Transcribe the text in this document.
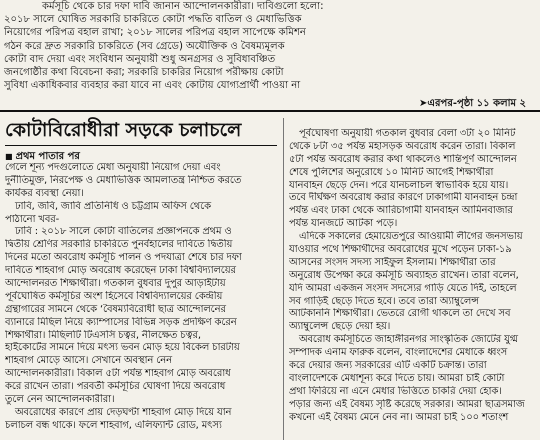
কর্মসূচি থেকে চার দফা দাবি জানান আন্দোলনকারীরা। দাবিগুলো হলো:
২০১৮ সালে ঘোষিত সরকারি চাকরিতে কোটা পদ্ধতি বাতিল ও মেধাভিত্তিক
নিয়োগের পরিপত্র বহাল রাখা; ২০১৮ সালের পরিপত্র বহাল সাপেক্ষে কমিশন
গঠন করে দ্রুত সরকারি চাকরিতে (সব গ্রেডে) অযৌক্তিক ও বৈষম্যমূলক
কোটা বাদ দেয়া এবং সংবিধান অনুযায়ী শুধু অনগ্রসর ও সুবিধাবঞ্চিত
জনগোষ্ঠীর কথা বিবেচনা করা; সরকারি চাকরির নিয়োগ পরীক্ষায় কোটা
সুবিধা একাধিকবার ব্যবহার করা যাবে না এবং কোটায় যোগ্যপ্রার্থী পাওয়া না
➤এরপর-পৃষ্ঠা ১১ কলাম ২
কোটাবিরোধীরা সড়কে চলাচলে
■ প্রথম পাতার পর
গেলে শূন্য পদগুলোতে মেধা অনুযায়ী নিয়োগ দেয়া এবং
দুর্নীতিমুক্ত, নিরপেক্ষ ও মেধাভিত্তিক আমলাতন্ত্র নিশ্চিত করতে
কার্যকর ব্যবস্থা নেয়া।
ঢাবি, জবি, জাবি প্রতিনিধি ও চট্টগ্রাম অফিস থেকে
পাঠানো খবর-
ঢাবি : ২০১৮ সালে কোটা বাতিলের প্রজ্ঞাপনকে প্রথম ও
দ্বিতীয় শ্রেণির সরকারি চাকরিতে পুনর্বহালের দাবিতে দ্বিতীয়
দিনের মতো অবরোধ কর্মসূচি পালন ও পদযাত্রা শেষে চার দফা
দাবিতে শাহবাগ মোড় অবরোধ করেছেন ঢাকা বিশ্ববিদ্যালয়ের
আন্দোলনরত শিক্ষার্থীরা। গতকাল বুধবার দুপুর আড়াইটায়
পূর্বঘোষিত কর্মসূচির অংশ হিসেবে বিশ্ববিদ্যালয়ের কেন্দ্রীয়
গ্রন্থাগারের সামনে থেকে ‘বৈষম্যবিরোধী ছাত্র আন্দোলনের
ব্যানারে মিছিল নিয়ে ক্যাম্পাসের বিভিন্ন সড়ক প্রদক্ষিণ করেন
শিক্ষার্থীরা। মিছিলটি টিএসসি চত্বর, নীলক্ষেত চত্বর,
হাইকোর্টের সামনে দিয়ে মৎস্য ভবন মোড় হয়ে বিকেল চারটায়
শাহবাগ মোড়ে আসে। সেখানে অবস্থান নেন
আন্দোলনকারীরা। বিকাল ৫টা পর্যন্ত শাহবাগ মোড় অবরোধ
করে রাখেন তারা। পরবর্তী কর্মসূচির ঘোষণা দিয়ে অবরোধ
তুলে নেন আন্দোলনকারীরা।
অবরোধের কারণে প্রায় দেড়ঘণ্টা শাহবাগ মোড় দিয়ে যান
চলাচল বন্ধ থাকে। ফলে শাহবাগ, এলিফ্যান্ট রোড, মৎস্য
পূর্বঘোষণা অনুযায়ী গতকাল বুধবার বেলা ৩টা ২০ মিনিট
থেকে ৮টা ৩৫ পর্যন্ত মহাসড়ক অবরোধ করেন তারা। বিকাল
৫টা পর্যন্ত অবরোধ করার কথা থাকলেও শান্তিপূর্ণ আন্দোলন
শেষে পুলিশের অনুরোধে ১০ মিনিট আগেই শিক্ষার্থীরা
যানবাহন ছেড়ে দেন। পরে যানচলাচল স্বাভাবিক হয়ে যায়।
তবে দীর্ঘক্ষণ অবরোধ করার কারণে ঢাকাগামী যানবাহন চন্দ্রা
পর্যন্ত এবং ঢাকা থেকে আরিচাগামী যানবাহন আমিনবাজার
পর্যন্ত যানজটে আটকা পড়ে।
এদিকে সকালের হেমায়েতপুরে আওয়ামী লীগের জনসভায়
যাওয়ার পথে শিক্ষার্থীদের অবরোধের মুখে পড়েন ঢাকা-১৯
আসনের সংসদ সদস্য সাইফুল ইসলাম। শিক্ষার্থীরা তার
অনুরোধ উপেক্ষা করে কর্মসূচি অব্যাহত রাখেন। তারা বলেন,
যদি আমরা একজন সংসদ সদস্যের গাড়ি যেতে দিই, তাহলে
সব গাড়িই ছেড়ে দিতে হবে। তবে তারা অ্যাম্বুলেন্স
আটকাননি শিক্ষার্থীরা। ভেতরে রোগী থাকলে তা দেখে সব
অ্যাম্বুলেন্স ছেড়ে দেয়া হয়।
অবরোধ কর্মসূচিতে জাহাঙ্গীরনগর সাংস্কৃতিক জোটের যুগ্ম
সম্পাদক এনাম ফারুক বলেন, বাংলাদেশের মেধাকে ধ্বংস
করে দেয়ার জন্য সরকারের এটি একটি চক্রান্ত। তারা
বাংলাদেশকে মেধাশূন্য করে দিতে চায়। আমরা চাই কোটা
প্রথা ফিরিয়ে না এনে মেধার ভিত্তিতে চাকরি দেয়া হোক।
পড়ার জন্য এই বৈষম্য সৃষ্টি করেছে সরকার। আমরা ছাত্রসমাজ
কখনো এই বৈষম্য মেনে নেব না। আমরা চাই ১০০ শতাংশ
